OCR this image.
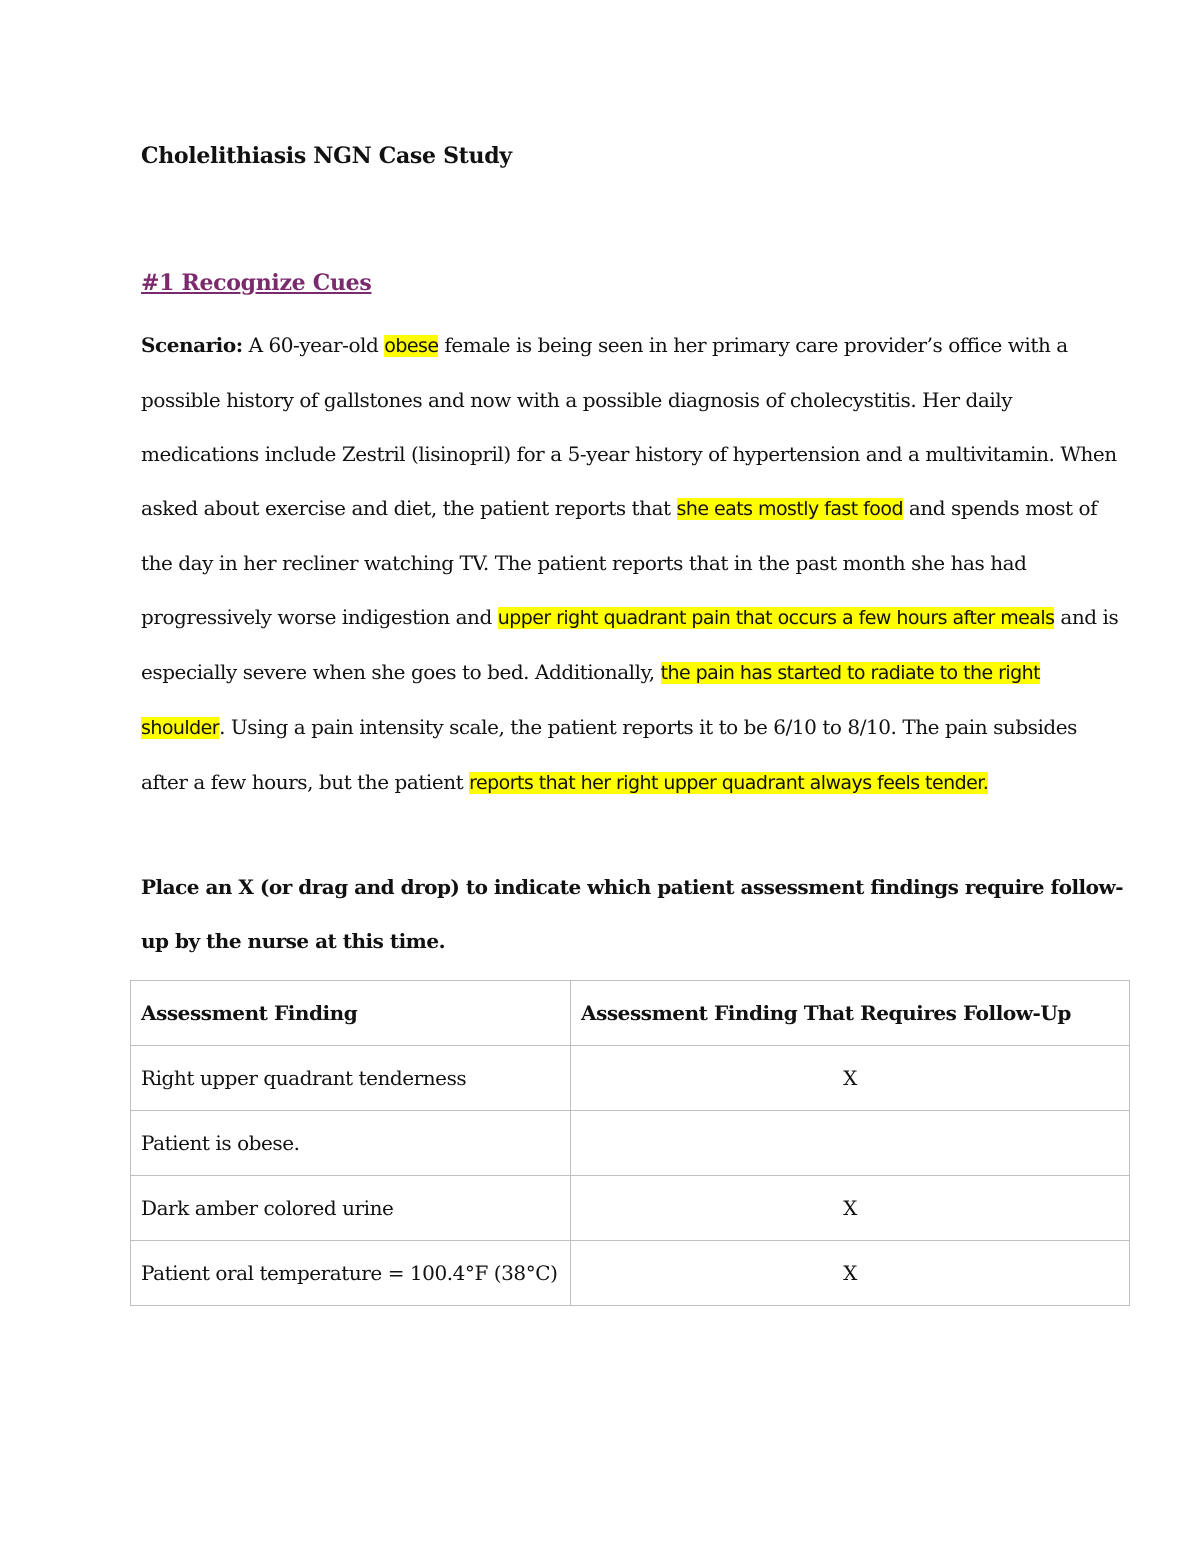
Cholelithiasis NGN Case Study
#1 Recognize Cues

Scenario: A 60-year-old obese female is being seen in her primary care provider’s office with a possible history of gallstones and now with a possible diagnosis of cholecystitis. Her daily medications include Zestril (lisinopril) for a 5-year history of hypertension and a multivitamin. When asked about exercise and diet, the patient reports that she eats mostly fast food and spends most of the day in her recliner watching TV. The patient reports that in the past month she has had progressively worse indigestion and upper right quadrant pain that occurs a few hours after meals and is especially severe when she goes to bed. Additionally, the pain has started to radiate to the right shoulder. Using a pain intensity scale, the patient reports it to be 6/10 to 8/10. The pain subsides after a few hours, but the patient reports that her right upper quadrant always feels tender.

Place an X (or drag and drop) to indicate which patient assessment findings require follow-up by the nurse at this time.

Assessment Finding	Assessment Finding That Requires Follow-Up
Right upper quadrant tenderness	X
Patient is obese.	
Dark amber colored urine	X
Patient oral temperature = 100.4°F (38°C)	X
